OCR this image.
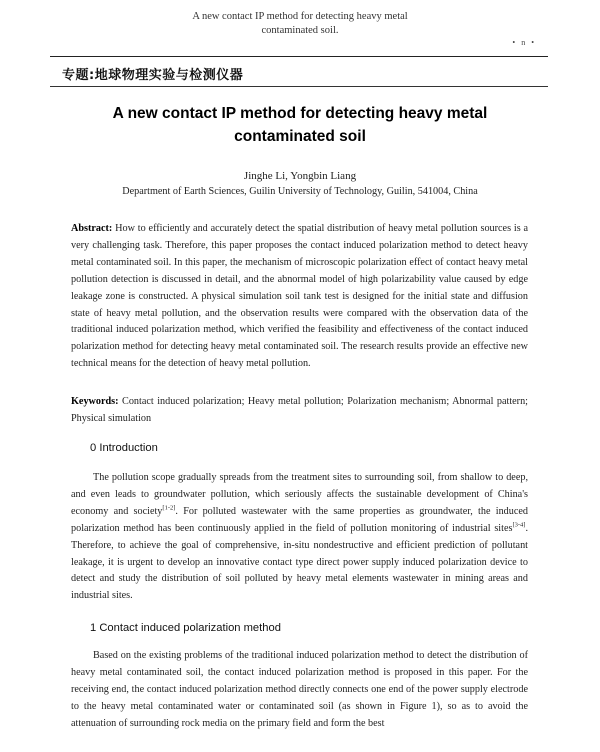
A new contact IP method for detecting heavy metal
contaminated soil.
• n •
专题:地球物理实验与检测仪器
A new contact IP method for detecting heavy metal
contaminated soil
Jinghe Li, Yongbin Liang
Department of Earth Sciences, Guilin University of Technology, Guilin, 541004, China
Abstract: How to efficiently and accurately detect the spatial distribution of heavy metal pollution sources is a very challenging task. Therefore, this paper proposes the contact induced polarization method to detect heavy metal contaminated soil. In this paper, the mechanism of microscopic polarization effect of contact heavy metal pollution detection is discussed in detail, and the abnormal model of high polarizability value caused by edge leakage zone is constructed. A physical simulation soil tank test is designed for the initial state and diffusion state of heavy metal pollution, and the observation results were compared with the observation data of the traditional induced polarization method, which verified the feasibility and effectiveness of the contact induced polarization method for detecting heavy metal contaminated soil. The research results provide an effective new technical means for the detection of heavy metal pollution.
Keywords: Contact induced polarization; Heavy metal pollution; Polarization mechanism; Abnormal pattern; Physical simulation
0 Introduction
The pollution scope gradually spreads from the treatment sites to surrounding soil, from shallow to deep, and even leads to groundwater pollution, which seriously affects the sustainable development of China's economy and society[1-2]. For polluted wastewater with the same properties as groundwater, the induced polarization method has been continuously applied in the field of pollution monitoring of industrial sites[3-4]. Therefore, to achieve the goal of comprehensive, in-situ nondestructive and efficient prediction of pollutant leakage, it is urgent to develop an innovative contact type direct power supply induced polarization device to detect and study the distribution of soil polluted by heavy metal elements wastewater in mining areas and industrial sites.
1 Contact induced polarization method
Based on the existing problems of the traditional induced polarization method to detect the distribution of heavy metal contaminated soil, the contact induced polarization method is proposed in this paper. For the receiving end, the contact induced polarization method directly connects one end of the power supply electrode to the heavy metal contaminated water or contaminated soil (as shown in Figure 1), so as to avoid the attenuation of surrounding rock media on the primary field and form the best
